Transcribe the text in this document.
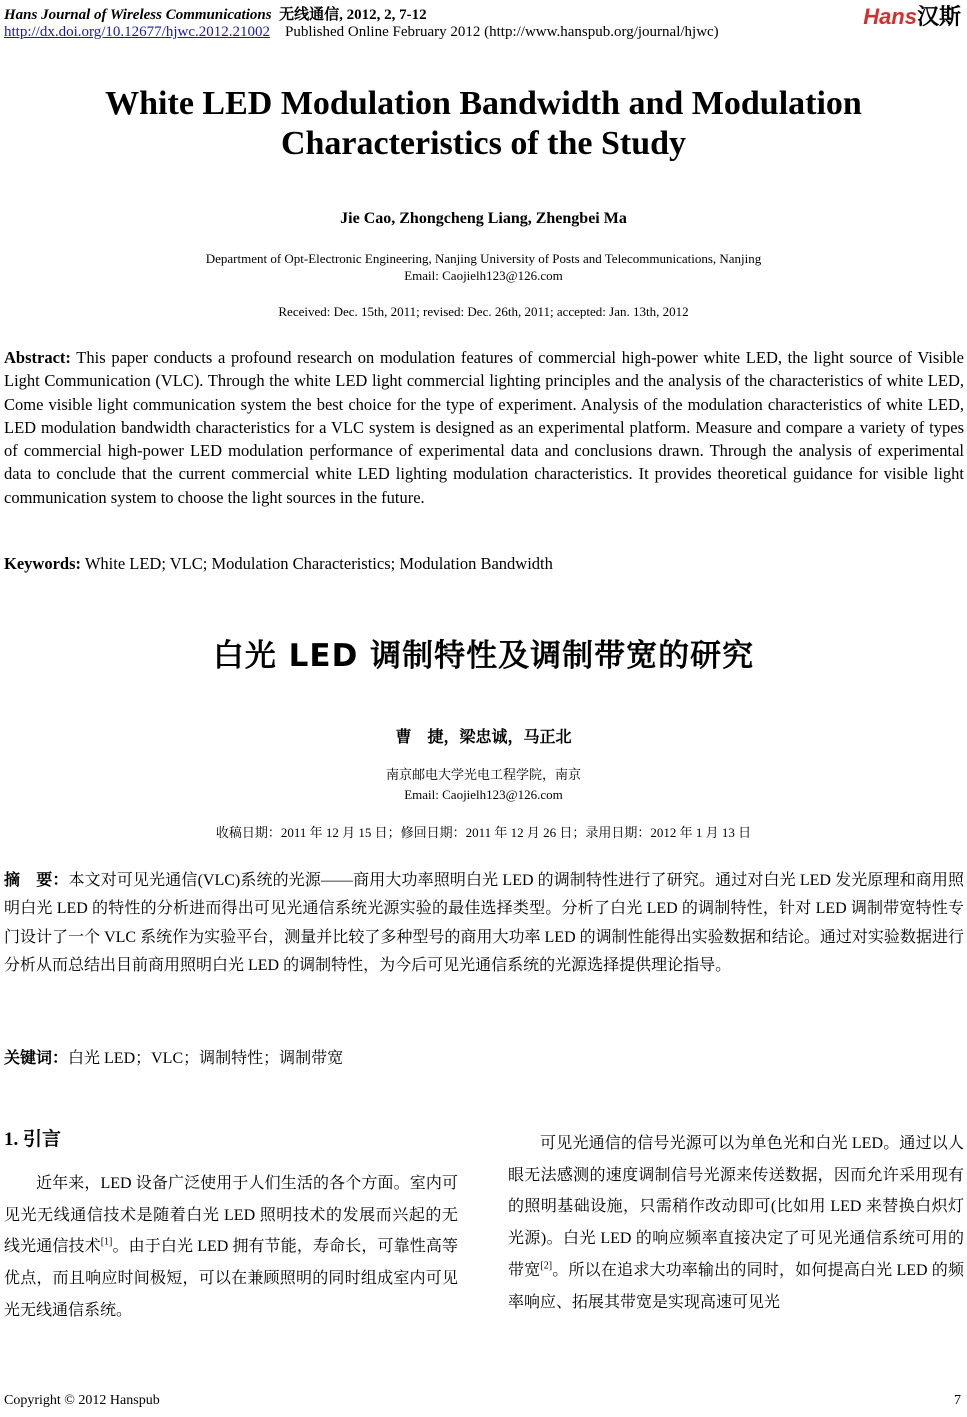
Hans Journal of Wireless Communications 无线通信, 2012, 2, 7-12
http://dx.doi.org/10.12677/hjwc.2012.21002 Published Online February 2012 (http://www.hanspub.org/journal/hjwc)
Hans汉斯
White LED Modulation Bandwidth and Modulation Characteristics of the Study
Jie Cao, Zhongcheng Liang, Zhengbei Ma
Department of Opt-Electronic Engineering, Nanjing University of Posts and Telecommunications, Nanjing
Email: Caojielh123@126.com
Received: Dec. 15th, 2011; revised: Dec. 26th, 2011; accepted: Jan. 13th, 2012
Abstract: This paper conducts a profound research on modulation features of commercial high-power white LED, the light source of Visible Light Communication (VLC). Through the white LED light commercial lighting principles and the analysis of the characteristics of white LED, Come visible light communication system the best choice for the type of experiment. Analysis of the modulation characteristics of white LED, LED modulation bandwidth characteristics for a VLC system is designed as an experimental platform. Measure and compare a variety of types of commercial high-power LED modulation performance of experimental data and conclusions drawn. Through the analysis of experimental data to conclude that the current commercial white LED lighting modulation characteristics. It provides theoretical guidance for visible light communication system to choose the light sources in the future.
Keywords: White LED; VLC; Modulation Characteristics; Modulation Bandwidth
白光 LED 调制特性及调制带宽的研究
曹　捷，梁忠诚，马正北
南京邮电大学光电工程学院，南京
Email: Caojielh123@126.com
收稿日期：2011 年 12 月 15 日；修回日期：2011 年 12 月 26 日；录用日期：2012 年 1 月 13 日
摘　要：本文对可见光通信(VLC)系统的光源——商用大功率照明白光 LED 的调制特性进行了研究。通过对白光 LED 发光原理和商用照明白光 LED 的特性的分析进而得出可见光通信系统光源实验的最佳选择类型。分析了白光 LED 的调制特性，针对 LED 调制带宽特性专门设计了一个 VLC 系统作为实验平台，测量并比较了多种型号的商用大功率 LED 的调制性能得出实验数据和结论。通过对实验数据进行分析从而总结出目前商用照明白光 LED 的调制特性，为今后可见光通信系统的光源选择提供理论指导。
关键词：白光 LED；VLC；调制特性；调制带宽
1. 引言
近年来，LED 设备广泛使用于人们生活的各个方面。室内可见光无线通信技术是随着白光 LED 照明技术的发展而兴起的无线光通信技术[1]。由于白光 LED 拥有节能，寿命长，可靠性高等优点，而且响应时间极短，可以在兼顾照明的同时组成室内可见光无线通信系统。
可见光通信的信号光源可以为单色光和白光 LED。通过以人眼无法感测的速度调制信号光源来传送数据，因而允许采用现有的照明基础设施，只需稍作改动即可(比如用 LED 来替换白炽灯光源)。白光 LED 的响应频率直接决定了可见光通信系统可用的带宽[2]。所以在追求大功率输出的同时，如何提高白光 LED 的频率响应、拓展其带宽是实现高速可见光
Copyright © 2012 Hanspub	7
